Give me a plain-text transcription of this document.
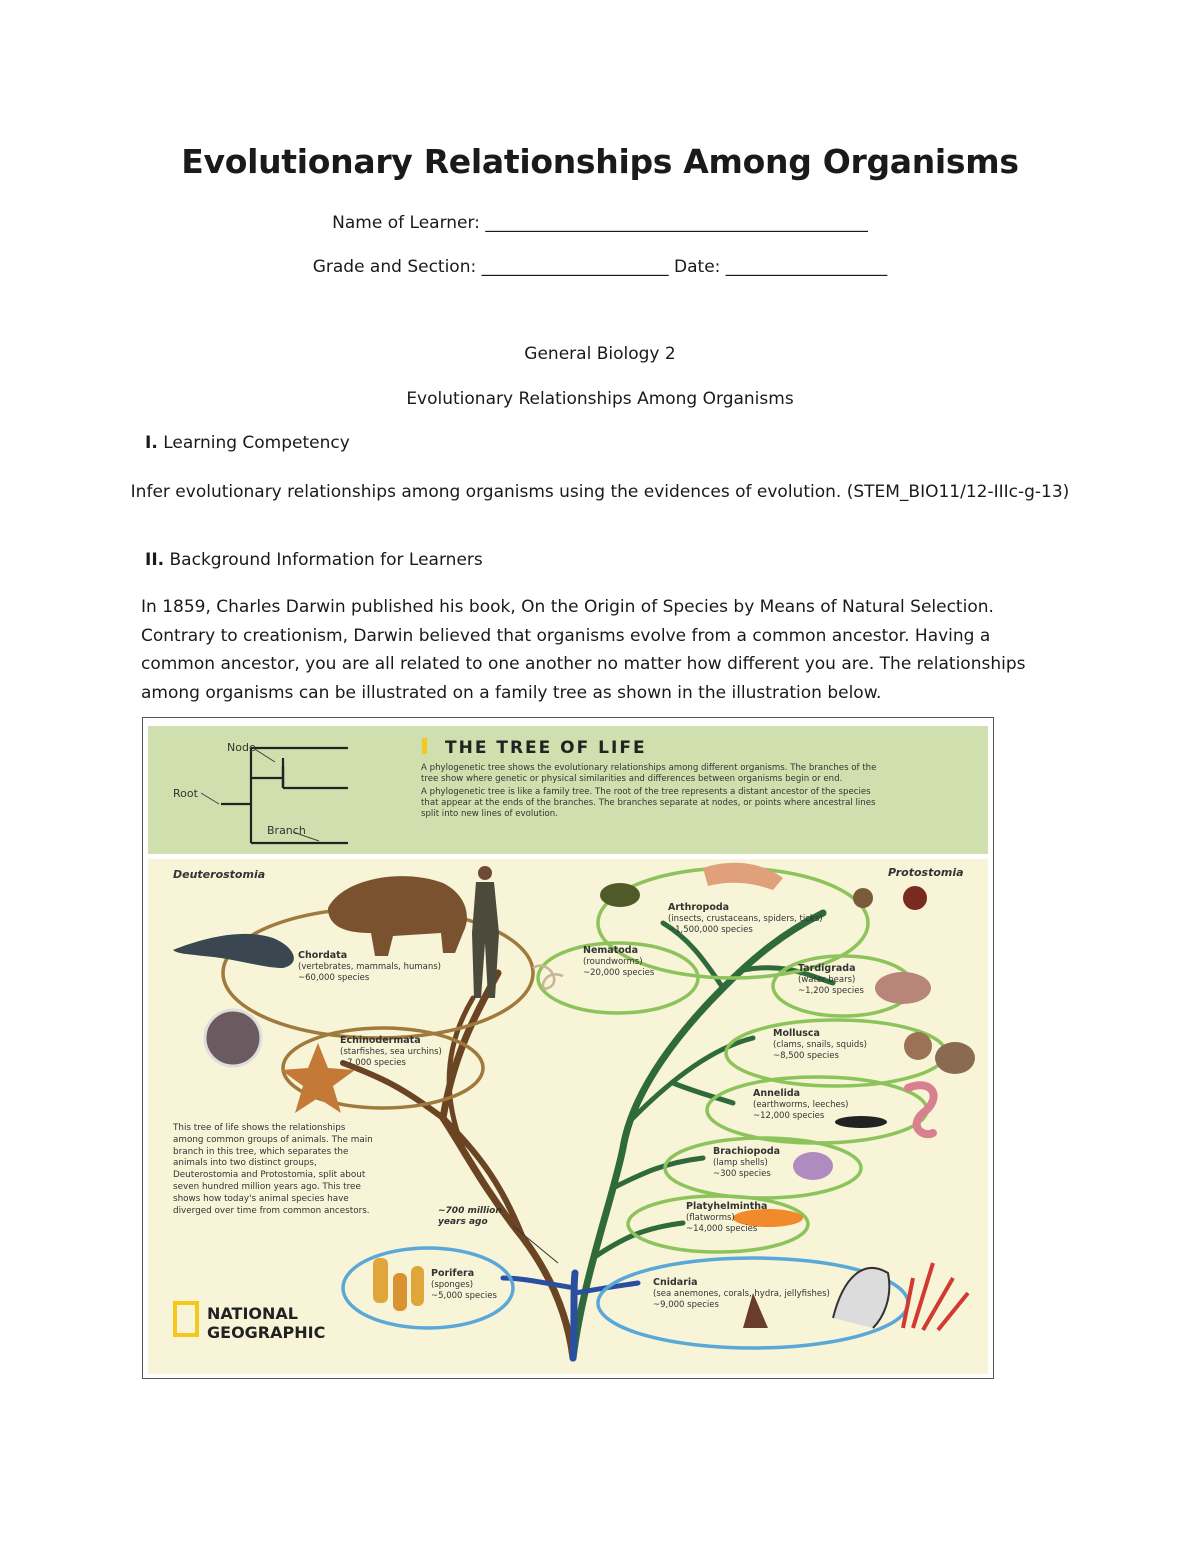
Evolutionary Relationships Among Organisms
Name of Learner: _____________________________________________
Grade and Section: ______________________ Date: ___________________
General Biology 2
Evolutionary Relationships Among Organisms
I. Learning Competency
Infer evolutionary relationships among organisms using the evidences of evolution. (STEM_BIO11/12-IIIc-g-13)
II. Background Information for Learners
In 1859, Charles Darwin published his book, On the Origin of Species by Means of Natural Selection. Contrary to creationism, Darwin believed that organisms evolve from a common ancestor. Having a common ancestor, you are all related to one another no matter how different you are. The relationships among organisms can be illustrated on a family tree as shown in the illustration below.
Node
Root
Branch
THE TREE OF LIFE
A phylogenetic tree shows the evolutionary relationships among different organisms. The branches of the tree show where genetic or physical similarities and differences between organisms begin or end.
A phylogenetic tree is like a family tree. The root of the tree represents a distant ancestor of the species that appear at the ends of the branches. The branches separate at nodes, or points where ancestral lines split into new lines of evolution.
Deuterostomia	Protostomia
Chordata (vertebrates, mammals, humans) ~60,000 species
Echinodermata (starfishes, sea urchins) ~7,000 species
Porifera (sponges) ~5,000 species
Arthropoda (insects, crustaceans, spiders, ticks) ~1,500,000 species
Nematoda (roundworms) ~20,000 species	Tardigrada (water bears) ~1,200 species
Mollusca (clams, snails, squids) ~8,500 species
Annelida (earthworms, leeches) ~12,000 species
Brachiopoda (lamp shells) ~300 species
Platyhelmintha (flatworms) ~14,000 species
Cnidaria (sea anemones, corals, hydra, jellyfishes) ~9,000 species
This tree of life shows the relationships among common groups of animals. The main branch in this tree, which separates the animals into two distinct groups, Deuterostomia and Protostomia, split about seven hundred million years ago. This tree shows how today's animal species have diverged over time from common ancestors.	~700 million years ago
NATIONAL
GEOGRAPHIC
